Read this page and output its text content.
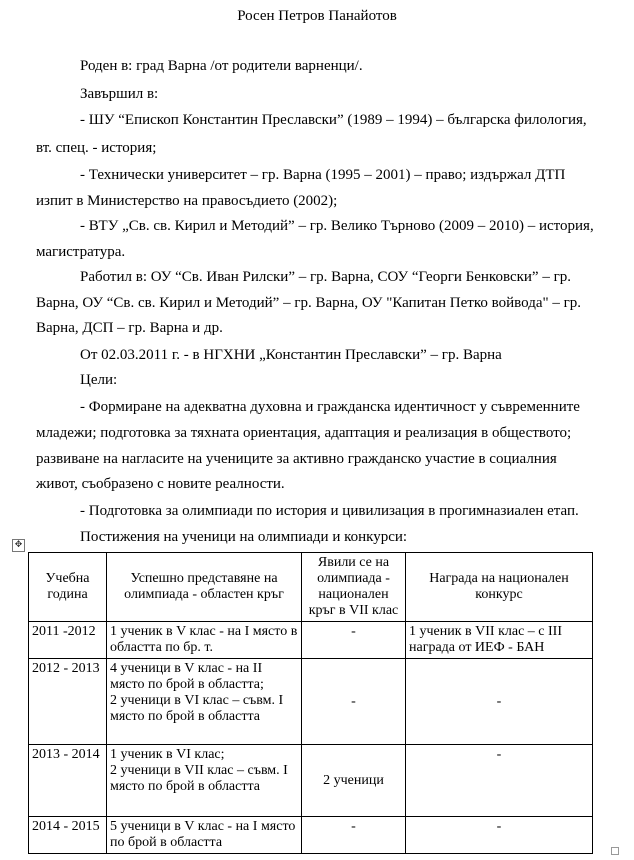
Росен Петров Панайотов
Роден в: град Варна /от родители варненци/.
Завършил в:
- ШУ “Епископ Константин Преславски” (1989 – 1994) – българска филология,
вт. спец. - история;
- Технически университет – гр. Варна (1995 – 2001) – право; издържал ДТП
изпит в Министерство на правосъдието (2002);
- ВТУ „Св. св. Кирил и Методий” – гр. Велико Търново (2009 – 2010) – история,
магистратура.
Работил в: ОУ “Св. Иван Рилски” – гр. Варна, СОУ “Георги Бенковски” – гр.
Варна, ОУ “Св. св. Кирил и Методий” – гр. Варна, ОУ "Капитан Петко войвода" – гр.
Варна, ДСП – гр. Варна и др.
От 02.03.2011 г. - в НГХНИ „Константин Преславски” – гр. Варна
Цели:
- Формиране на адекватна духовна и гражданска идентичност у съвременните
младежи; подготовка за тяхната ориентация, адаптация и реализация в обществото;
развиване на нагласите на учениците за активно гражданско участие в социалния
живот, съобразено с новите реалности.
- Подготовка за олимпиади по история и цивилизация в прогимназиален етап.
Постижения на ученици на олимпиади и конкурси:
✥
Учебна година	Успешно представяне на олимпиада - областен кръг	Явили се на олимпиада - национален кръг в VII клас	Награда на национален конкурс
2011 -2012	1 ученик в V клас - на I място в областта по бр. т.	-	1 ученик в VII клас – с III награда от ИЕФ - БАН
2012 - 2013	4 ученици в V клас - на II място по брой в областта;
2 ученици в VI клас – съвм. I място по брой в областта	-	-
2013 - 2014	1 ученик в VI клас;
2 ученици в VII клас – съвм. I място по брой в областта	2 ученици	-
2014 - 2015	5 ученици в V клас - на I място по брой в областта	-	-
